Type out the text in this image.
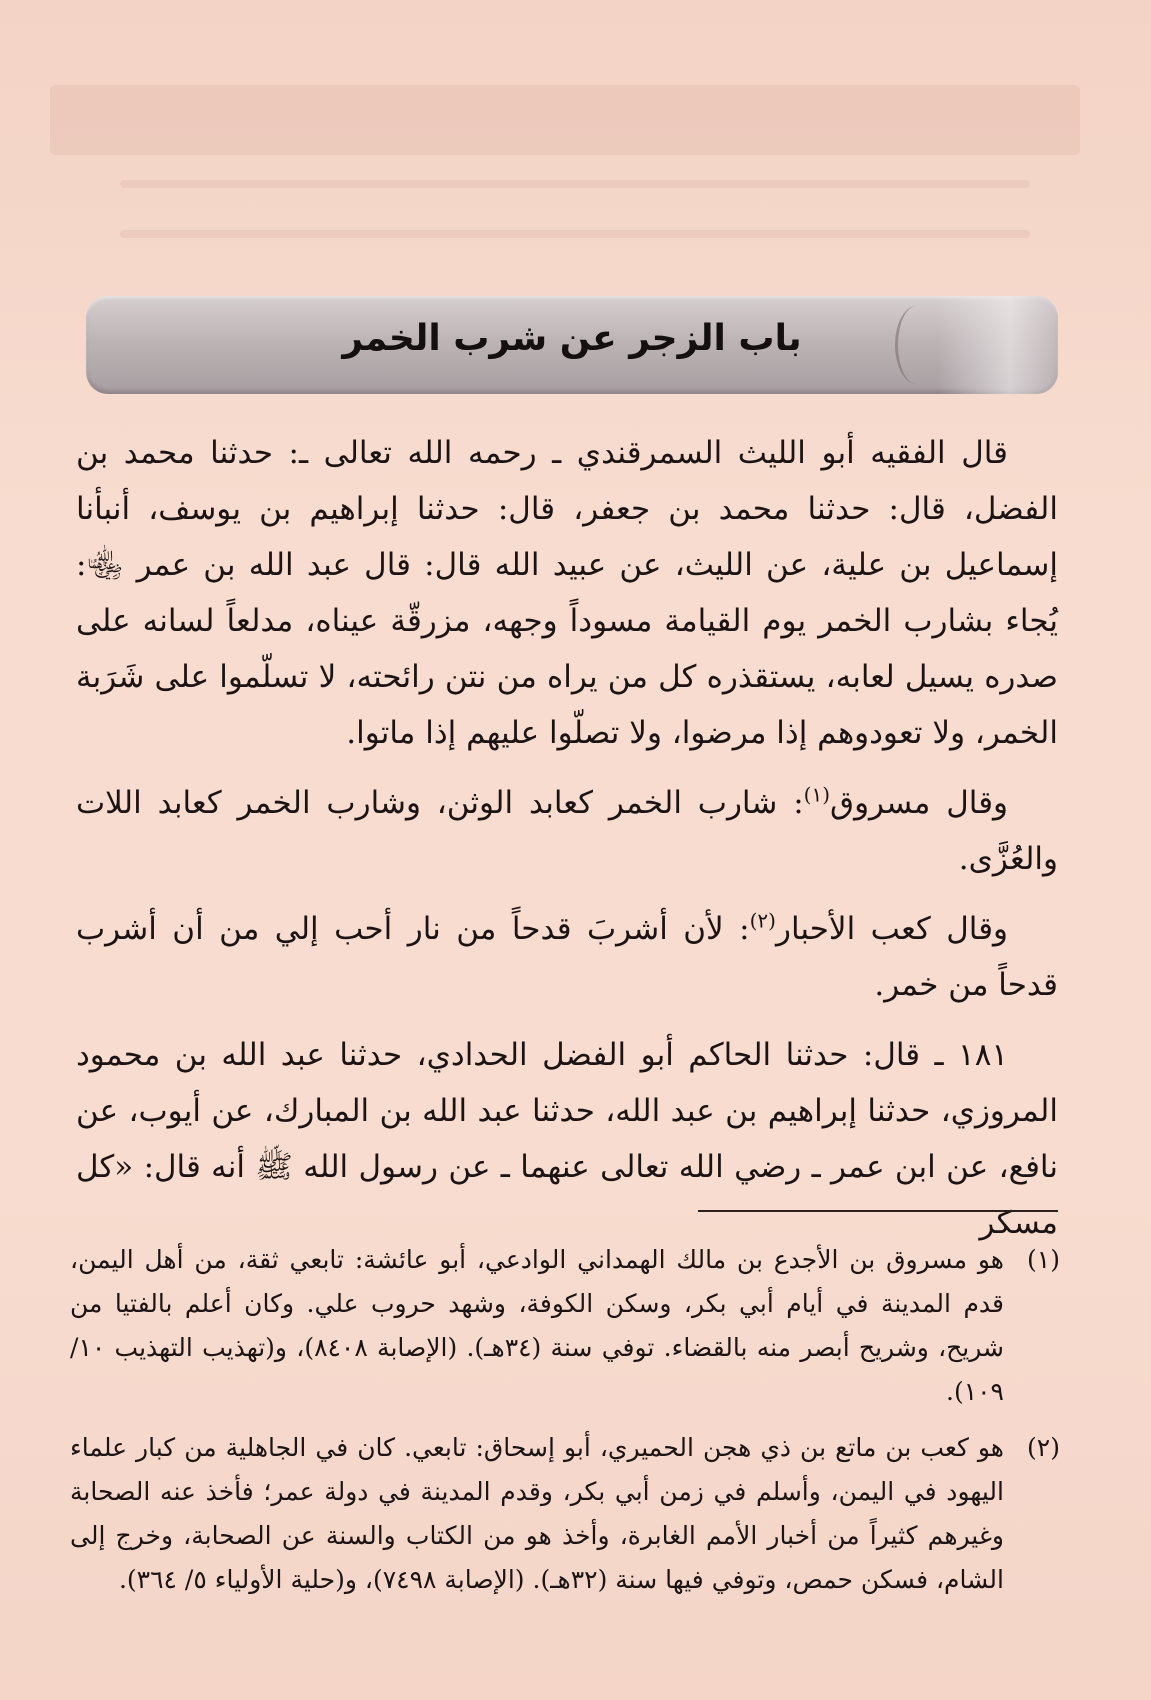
باب الزجر عن شرب الخمر

قال الفقيه أبو الليث السمرقندي ـ رحمه الله تعالى ـ: حدثنا محمد بن الفضل، قال: حدثنا محمد بن جعفر، قال: حدثنا إبراهيم بن يوسف، أنبأنا إسماعيل بن علية، عن الليث، عن عبيد الله قال: قال عبد الله بن عمر ﵄: يُجاء بشارب الخمر يوم القيامة مسوداً وجهه، مزرقّة عيناه، مدلعاً لسانه على صدره يسيل لعابه، يستقذره كل من يراه من نتن رائحته، لا تسلّموا على شَرَبة الخمر، ولا تعودوهم إذا مرضوا، ولا تصلّوا عليهم إذا ماتوا.

وقال مسروق$^{(١)}$: شارب الخمر كعابد الوثن، وشارب الخمر كعابد اللات والعُزَّى.

وقال كعب الأحبار$^{(٢)}$: لأن أشربَ قدحاً من نار أحب إلي من أن أشرب قدحاً من خمر.

١٨١ ـ قال: حدثنا الحاكم أبو الفضل الحدادي، حدثنا عبد الله بن محمود المروزي، حدثنا إبراهيم بن عبد الله، حدثنا عبد الله بن المبارك، عن أيوب، عن نافع، عن ابن عمر ـ رضي الله تعالى عنهما ـ عن رسول الله ﷺ أنه قال: «كل مسكر

(١)
هو مسروق بن الأجدع بن مالك الهمداني الوادعي، أبو عائشة: تابعي ثقة، من أهل اليمن، قدم المدينة في أيام أبي بكر، وسكن الكوفة، وشهد حروب علي. وكان أعلم بالفتيا من شريح، وشريح أبصر منه بالقضاء. توفي سنة (٣٤هـ). (الإصابة ٨٤٠٨)، و(تهذيب التهذيب ١٠/ ١٠٩).
(٢)
هو كعب بن ماتع بن ذي هجن الحميري، أبو إسحاق: تابعي. كان في الجاهلية من كبار علماء اليهود في اليمن، وأسلم في زمن أبي بكر، وقدم المدينة في دولة عمر؛ فأخذ عنه الصحابة وغيرهم كثيراً من أخبار الأمم الغابرة، وأخذ هو من الكتاب والسنة عن الصحابة، وخرج إلى الشام، فسكن حمص، وتوفي فيها سنة (٣٢هـ). (الإصابة ٧٤٩٨)، و(حلية الأولياء ٥/ ٣٦٤).
